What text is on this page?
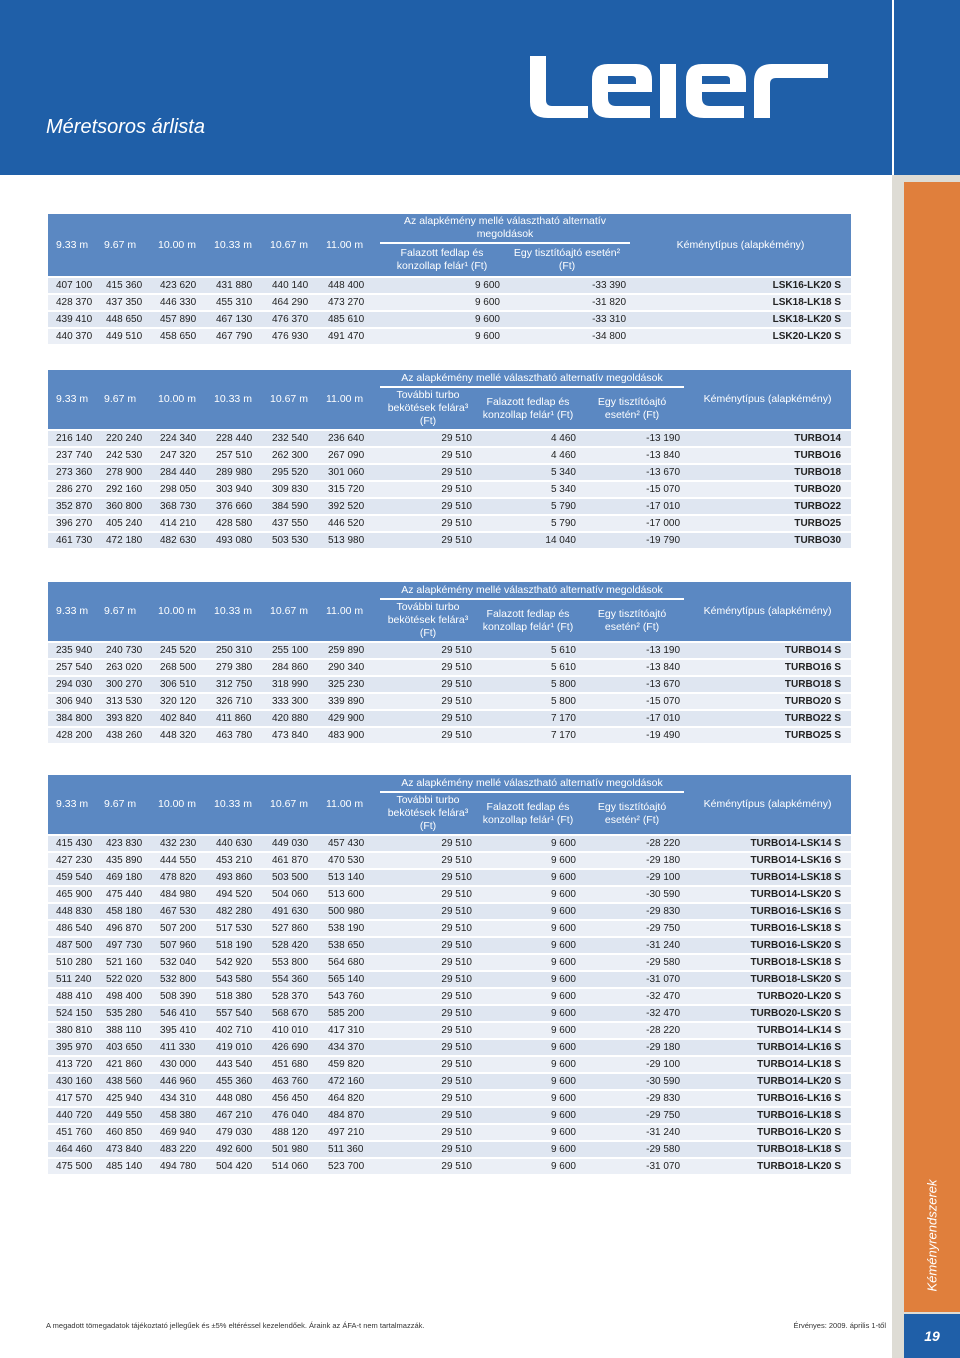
Méretsoros árlista
Kéményrendszerek
19
9.33 m	9.67 m	10.00 m	10.33 m	10.67 m	11.00 m	Az alapkémény mellé választható alternatív megoldások		Kéménytípus (alapkémény)
						Falazott fedlap és konzollap felár¹ (Ft)	Egy tisztítóajtó esetén² (Ft)	
407 100	415 360	423 620	431 880	440 140	448 400	9 600	-33 390	LSK16-LK20 S
428 370	437 350	446 330	455 310	464 290	473 270	9 600	-31 820	LSK18-LK18 S
439 410	448 650	457 890	467 130	476 370	485 610	9 600	-33 310	LSK18-LK20 S
440 370	449 510	458 650	467 790	476 930	491 470	9 600	-34 800	LSK20-LK20 S
9.33 m	9.67 m	10.00 m	10.33 m	10.67 m	11.00 m	Az alapkémény mellé választható alternatív megoldások			Kéménytípus (alapkémény)
						További turbo bekötések felára³ (Ft)	Falazott fedlap és konzollap felár¹ (Ft)	Egy tisztítóajtó esetén² (Ft)	
216 140	220 240	224 340	228 440	232 540	236 640	29 510	4 460	-13 190	TURBO14
237 740	242 530	247 320	257 510	262 300	267 090	29 510	4 460	-13 840	TURBO16
273 360	278 900	284 440	289 980	295 520	301 060	29 510	5 340	-13 670	TURBO18
286 270	292 160	298 050	303 940	309 830	315 720	29 510	5 340	-15 070	TURBO20
352 870	360 800	368 730	376 660	384 590	392 520	29 510	5 790	-17 010	TURBO22
396 270	405 240	414 210	428 580	437 550	446 520	29 510	5 790	-17 000	TURBO25
461 730	472 180	482 630	493 080	503 530	513 980	29 510	14 040	-19 790	TURBO30
9.33 m	9.67 m	10.00 m	10.33 m	10.67 m	11.00 m	Az alapkémény mellé választható alternatív megoldások			Kéménytípus (alapkémény)
						További turbo bekötések felára³ (Ft)	Falazott fedlap és konzollap felár¹ (Ft)	Egy tisztítóajtó esetén² (Ft)	
235 940	240 730	245 520	250 310	255 100	259 890	29 510	5 610	-13 190	TURBO14 S
257 540	263 020	268 500	279 380	284 860	290 340	29 510	5 610	-13 840	TURBO16 S
294 030	300 270	306 510	312 750	318 990	325 230	29 510	5 800	-13 670	TURBO18 S
306 940	313 530	320 120	326 710	333 300	339 890	29 510	5 800	-15 070	TURBO20 S
384 800	393 820	402 840	411 860	420 880	429 900	29 510	7 170	-17 010	TURBO22 S
428 200	438 260	448 320	463 780	473 840	483 900	29 510	7 170	-19 490	TURBO25 S
9.33 m	9.67 m	10.00 m	10.33 m	10.67 m	11.00 m	Az alapkémény mellé választható alternatív megoldások			Kéménytípus (alapkémény)
						További turbo bekötések felára³ (Ft)	Falazott fedlap és konzollap felár¹ (Ft)	Egy tisztítóajtó esetén² (Ft)	
415 430	423 830	432 230	440 630	449 030	457 430	29 510	9 600	-28 220	TURBO14-LSK14 S
427 230	435 890	444 550	453 210	461 870	470 530	29 510	9 600	-29 180	TURBO14-LSK16 S
459 540	469 180	478 820	493 860	503 500	513 140	29 510	9 600	-29 100	TURBO14-LSK18 S
465 900	475 440	484 980	494 520	504 060	513 600	29 510	9 600	-30 590	TURBO14-LSK20 S
448 830	458 180	467 530	482 280	491 630	500 980	29 510	9 600	-29 830	TURBO16-LSK16 S
486 540	496 870	507 200	517 530	527 860	538 190	29 510	9 600	-29 750	TURBO16-LSK18 S
487 500	497 730	507 960	518 190	528 420	538 650	29 510	9 600	-31 240	TURBO16-LSK20 S
510 280	521 160	532 040	542 920	553 800	564 680	29 510	9 600	-29 580	TURBO18-LSK18 S
511 240	522 020	532 800	543 580	554 360	565 140	29 510	9 600	-31 070	TURBO18-LSK20 S
488 410	498 400	508 390	518 380	528 370	543 760	29 510	9 600	-32 470	TURBO20-LK20 S
524 150	535 280	546 410	557 540	568 670	585 200	29 510	9 600	-32 470	TURBO20-LSK20 S
380 810	388 110	395 410	402 710	410 010	417 310	29 510	9 600	-28 220	TURBO14-LK14 S
395 970	403 650	411 330	419 010	426 690	434 370	29 510	9 600	-29 180	TURBO14-LK16 S
413 720	421 860	430 000	443 540	451 680	459 820	29 510	9 600	-29 100	TURBO14-LK18 S
430 160	438 560	446 960	455 360	463 760	472 160	29 510	9 600	-30 590	TURBO14-LK20 S
417 570	425 940	434 310	448 080	456 450	464 820	29 510	9 600	-29 830	TURBO16-LK16 S
440 720	449 550	458 380	467 210	476 040	484 870	29 510	9 600	-29 750	TURBO16-LK18 S
451 760	460 850	469 940	479 030	488 120	497 210	29 510	9 600	-31 240	TURBO16-LK20 S
464 460	473 840	483 220	492 600	501 980	511 360	29 510	9 600	-29 580	TURBO18-LK18 S
475 500	485 140	494 780	504 420	514 060	523 700	29 510	9 600	-31 070	TURBO18-LK20 S
A megadott tömegadatok tájékoztató jellegűek és ±5% eltéréssel kezelendőek. Áraink az ÁFA-t nem tartalmazzák.	Érvényes: 2009. április 1-től
